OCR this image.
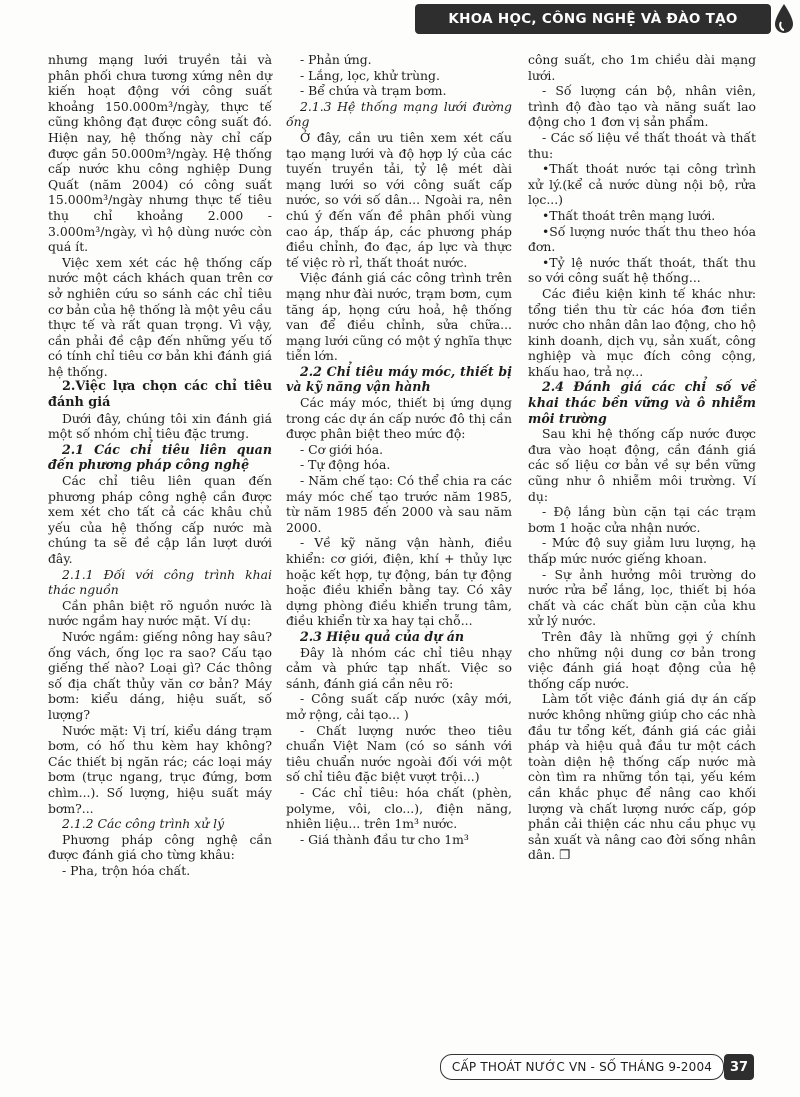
KHOA HỌC, CÔNG NGHỆ VÀ ĐÀO TẠO

nhưng mạng lưới truyền tải và phân phối chưa tương xứng nên dự kiến hoạt động với công suất khoảng 150.000m³/ngày, thực tế cũng không đạt được công suất đó. Hiện nay, hệ thống này chỉ cấp được gần 50.000m³/ngày. Hệ thống cấp nước khu công nghiệp Dung Quất (năm 2004) có công suất 15.000m³/ngày nhưng thực tế tiêu thụ chỉ khoảng 2.000 - 3.000m³/ngày, vì hộ dùng nước còn quá ít.

Việc xem xét các hệ thống cấp nước một cách khách quan trên cơ sở nghiên cứu so sánh các chỉ tiêu cơ bản của hệ thống là một yêu cầu thực tế và rất quan trọng. Vì vậy, cần phải đề cập đến những yếu tố có tính chỉ tiêu cơ bản khi đánh giá hệ thống.

2.Việc lựa chọn các chỉ tiêu đánh giá

Dưới đây, chúng tôi xin đánh giá một số nhóm chỉ tiêu đặc trưng.

2.1 Các chỉ tiêu liên quan đến phương pháp công nghệ

Các chỉ tiêu liên quan đến phương pháp công nghệ cần được xem xét cho tất cả các khâu chủ yếu của hệ thống cấp nước mà chúng ta sẽ đề cập lần lượt dưới đây.

2.1.1 Đối với công trình khai thác nguồn

Cần phân biệt rõ nguồn nước là nước ngầm hay nước mặt. Ví dụ:

Nước ngầm: giếng nông hay sâu? ống vách, ống lọc ra sao? Cấu tạo giếng thế nào? Loại gì? Các thông số địa chất thủy văn cơ bản? Máy bơm: kiểu dáng, hiệu suất, số lượng?

Nước mặt: Vị trí, kiểu dáng trạm bơm, có hố thu kèm hay không? Các thiết bị ngăn rác; các loại máy bơm (trục ngang, trục đứng, bơm chìm...). Số lượng, hiệu suất máy bơm?...

2.1.2 Các công trình xử lý

Phương pháp công nghệ cần được đánh giá cho từng khâu:

- Pha, trộn hóa chất.

- Phản ứng.

- Lắng, lọc, khử trùng.

- Bể chứa và trạm bơm.

2.1.3 Hệ thống mạng lưới đường ống

Ở đây, cần ưu tiên xem xét cấu tạo mạng lưới và độ hợp lý của các tuyến truyền tải, tỷ lệ mét dài mạng lưới so với công suất cấp nước, so với số dân... Ngoài ra, nên chú ý đến vấn đề phân phối vùng cao áp, thấp áp, các phương pháp điều chỉnh, đo đạc, áp lực và thực tế việc rò rỉ, thất thoát nước.

Việc đánh giá các công trình trên mạng như đài nước, trạm bơm, cụm tăng áp, họng cứu hoả, hệ thống van để điều chỉnh, sửa chữa... mạng lưới cũng có một ý nghĩa thực tiễn lớn.

2.2 Chỉ tiêu máy móc, thiết bị và kỹ năng vận hành

Các máy móc, thiết bị ứng dụng trong các dự án cấp nước đô thị cần được phân biệt theo mức độ:

- Cơ giới hóa.

- Tự động hóa.

- Năm chế tạo: Có thể chia ra các máy móc chế tạo trước năm 1985, từ năm 1985 đến 2000 và sau năm 2000.

- Về kỹ năng vận hành, điều khiển: cơ giới, điện, khí + thủy lực hoặc kết hợp, tự động, bán tự động hoặc điều khiển bằng tay. Có xây dựng phòng điều khiển trung tâm, điều khiển từ xa hay tại chỗ...

2.3 Hiệu quả của dự án

Đây là nhóm các chỉ tiêu nhạy cảm và phức tạp nhất. Việc so sánh, đánh giá cần nêu rõ:

- Công suất cấp nước (xây mới, mở rộng, cải tạo... )

- Chất lượng nước theo tiêu chuẩn Việt Nam (có so sánh với tiêu chuẩn nước ngoài đối với một số chỉ tiêu đặc biệt vượt trội...)

- Các chỉ tiêu: hóa chất (phèn, polyme, vôi, clo...), điện năng, nhiên liệu... trên 1m³ nước.

- Giá thành đầu tư cho 1m³

công suất, cho 1m chiều dài mạng lưới.

- Số lượng cán bộ, nhân viên, trình độ đào tạo và năng suất lao động cho 1 đơn vị sản phẩm.

- Các số liệu về thất thoát và thất thu:

•Thất thoát nước tại công trình xử lý.(kể cả nước dùng nội bộ, rửa lọc...)

•Thất thoát trên mạng lưới.

•Số lượng nước thất thu theo hóa đơn.

•Tỷ lệ nước thất thoát, thất thu so với công suất hệ thống...

Các điều kiện kinh tế khác như: tổng tiền thu từ các hóa đơn tiền nước cho nhân dân lao động, cho hộ kinh doanh, dịch vụ, sản xuất, công nghiệp và mục đích công cộng, khấu hao, trả nợ...

2.4 Đánh giá các chỉ số về khai thác bền vững và ô nhiễm môi trường

Sau khi hệ thống cấp nước được đưa vào hoạt động, cần đánh giá các số liệu cơ bản về sự bền vững cũng như ô nhiễm môi trường. Ví dụ:

- Độ lắng bùn cặn tại các trạm bơm 1 hoặc cửa nhận nước.

- Mức độ suy giảm lưu lượng, hạ thấp mức nước giếng khoan.

- Sự ảnh hưởng môi trường do nước rửa bể lắng, lọc, thiết bị hóa chất và các chất bùn cặn của khu xử lý nước.

Trên đây là những gợi ý chính cho những nội dung cơ bản trong việc đánh giá hoạt động của hệ thống cấp nước.

Làm tốt việc đánh giá dự án cấp nước không những giúp cho các nhà đầu tư tổng kết, đánh giá các giải pháp và hiệu quả đầu tư một cách toàn diện hệ thống cấp nước mà còn tìm ra những tồn tại, yếu kém cần khắc phục để nâng cao khối lượng và chất lượng nước cấp, góp phần cải thiện các nhu cầu phục vụ sản xuất và nâng cao đời sống nhân dân. ❐

CẤP THOÁT NƯỚC VN - SỐ THÁNG 9-2004 37
